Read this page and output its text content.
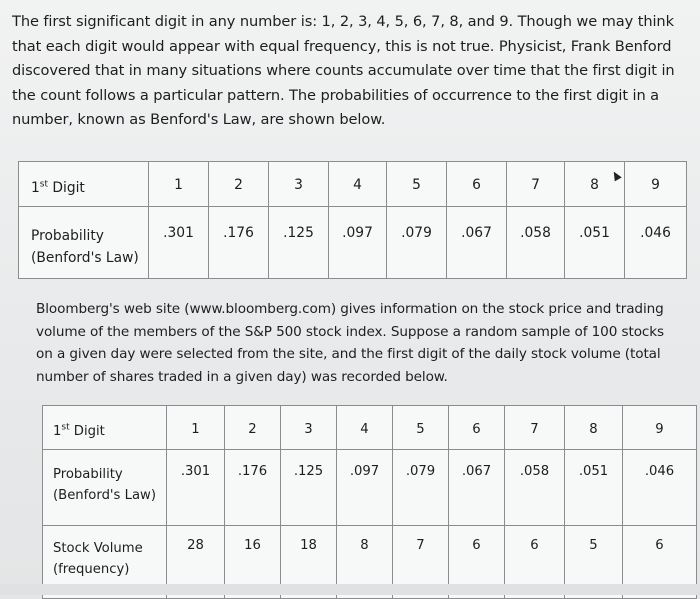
The first significant digit in any number is: 1, 2, 3, 4, 5, 6, 7, 8, and 9. Though we may think
that each digit would appear with equal frequency, this is not true. Physicist, Frank Benford
discovered that in many situations where counts accumulate over time that the first digit in
the count follows a particular pattern. The probabilities of occurrence to the first digit in a
number, known as Benford's Law, are shown below.

1st Digit	1	2	3	4	5	6	7	8	9

Probability (Benford's Law)	.301	.176	.125	.097	.079	.067	.058	.051	.046

Bloomberg's web site (www.bloomberg.com) gives information on the stock price and trading
volume of the members of the S&P 500 stock index. Suppose a random sample of 100 stocks
on a given day were selected from the site, and the first digit of the daily stock volume (total
number of shares traded in a given day) was recorded below.

1st Digit	1	2	3	4	5	6	7	8	9

Probability (Benford's Law)	.301	.176	.125	.097	.079	.067	.058	.051	.046

Stock Volume (frequency)	28	16	18	8	7	6	6	5	6
